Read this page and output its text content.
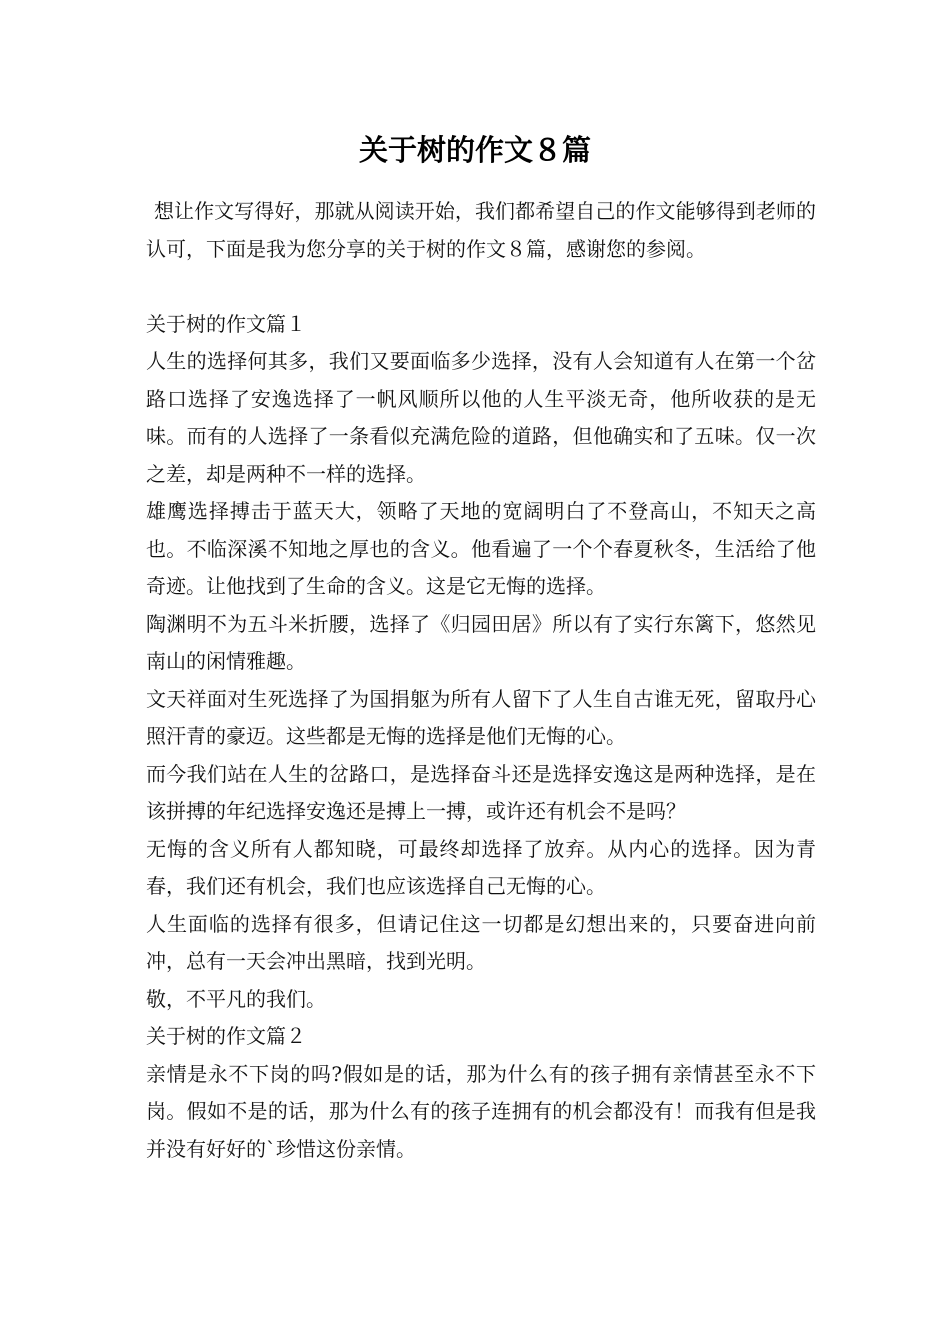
关于树的作文８篇

想让作文写得好，那就从阅读开始，我们都希望自己的作文能够得到老师的认可，下面是我为您分享的关于树的作文８篇，感谢您的参阅。

关于树的作文篇１

人生的选择何其多，我们又要面临多少选择，没有人会知道有人在第一个岔路口选择了安逸选择了一帆风顺所以他的人生平淡无奇，他所收获的是无味。而有的人选择了一条看似充满危险的道路，但他确实和了五味。仅一次之差，却是两种不一样的选择。

雄鹰选择搏击于蓝天大，领略了天地的宽阔明白了不登高山，不知天之高也。不临深溪不知地之厚也的含义。他看遍了一个个春夏秋冬，生活给了他奇迹。让他找到了生命的含义。这是它无悔的选择。

陶渊明不为五斗米折腰，选择了《归园田居》所以有了实行东篱下，悠然见南山的闲情雅趣。

文天祥面对生死选择了为国捐躯为所有人留下了人生自古谁无死，留取丹心照汗青的豪迈。这些都是无悔的选择是他们无悔的心。

而今我们站在人生的岔路口，是选择奋斗还是选择安逸这是两种选择，是在该拼搏的年纪选择安逸还是搏上一搏，或许还有机会不是吗？

无悔的含义所有人都知晓，可最终却选择了放弃。从内心的选择。因为青春，我们还有机会，我们也应该选择自己无悔的心。

人生面临的选择有很多，但请记住这一切都是幻想出来的，只要奋进向前冲，总有一天会冲出黑暗，找到光明。

敬，不平凡的我们。

关于树的作文篇２

亲情是永不下岗的吗?假如是的话，那为什么有的孩子拥有亲情甚至永不下岗。假如不是的话，那为什么有的孩子连拥有的机会都没有！而我有但是我并没有好好的`珍惜这份亲情。
